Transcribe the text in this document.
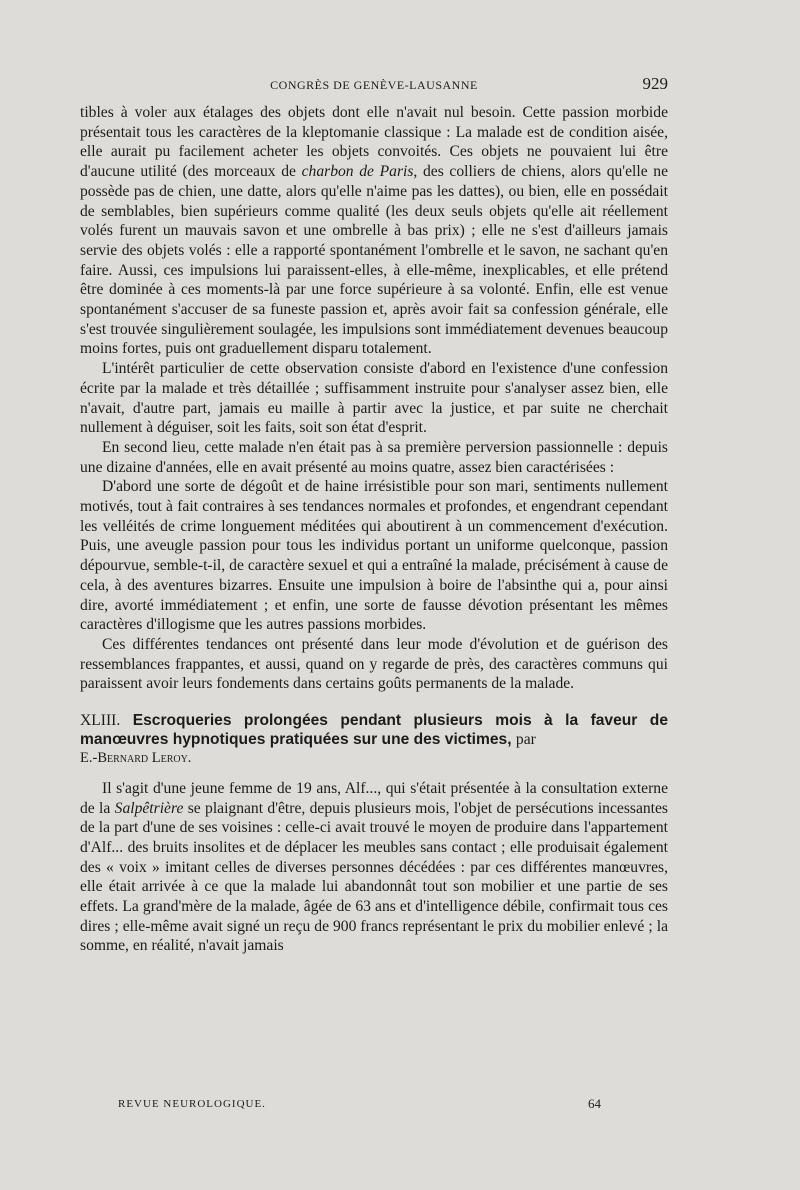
CONGRÈS DE GENÈVE-LAUSANNE	929

tibles à voler aux étalages des objets dont elle n'avait nul besoin. Cette passion morbide présentait tous les caractères de la kleptomanie classique : La malade est de condition aisée, elle aurait pu facilement acheter les objets convoités. Ces objets ne pouvaient lui être d'aucune utilité (des morceaux de charbon de Paris, des colliers de chiens, alors qu'elle ne possède pas de chien, une datte, alors qu'elle n'aime pas les dattes), ou bien, elle en possédait de semblables, bien supérieurs comme qualité (les deux seuls objets qu'elle ait réellement volés furent un mauvais savon et une ombrelle à bas prix) ; elle ne s'est d'ailleurs jamais servie des objets volés : elle a rapporté spontanément l'ombrelle et le savon, ne sachant qu'en faire. Aussi, ces impulsions lui paraissent-elles, à elle-même, inexplicables, et elle prétend être dominée à ces moments-là par une force supérieure à sa volonté. Enfin, elle est venue spontanément s'accuser de sa funeste passion et, après avoir fait sa confession générale, elle s'est trouvée singulièrement soulagée, les impulsions sont immédiatement devenues beaucoup moins fortes, puis ont graduellement disparu totalement.

L'intérêt particulier de cette observation consiste d'abord en l'existence d'une confession écrite par la malade et très détaillée ; suffisamment instruite pour s'analyser assez bien, elle n'avait, d'autre part, jamais eu maille à partir avec la justice, et par suite ne cherchait nullement à déguiser, soit les faits, soit son état d'esprit.

En second lieu, cette malade n'en était pas à sa première perversion passionnelle : depuis une dizaine d'années, elle en avait présenté au moins quatre, assez bien caractérisées :

D'abord une sorte de dégoût et de haine irrésistible pour son mari, sentiments nullement motivés, tout à fait contraires à ses tendances normales et profondes, et engendrant cependant les velléités de crime longuement méditées qui aboutirent à un commencement d'exécution. Puis, une aveugle passion pour tous les individus portant un uniforme quelconque, passion dépourvue, semble-t-il, de caractère sexuel et qui a entraîné la malade, précisément à cause de cela, à des aventures bizarres. Ensuite une impulsion à boire de l'absinthe qui a, pour ainsi dire, avorté immédiatement ; et enfin, une sorte de fausse dévotion présentant les mêmes caractères d'illogisme que les autres passions morbides.

Ces différentes tendances ont présenté dans leur mode d'évolution et de guérison des ressemblances frappantes, et aussi, quand on y regarde de près, des caractères communs qui paraissent avoir leurs fondements dans certains goûts permanents de la malade.

XLIII. Escroqueries prolongées pendant plusieurs mois à la faveur de manœuvres hypnotiques pratiquées sur une des victimes, par
E.-Bernard Leroy.

Il s'agit d'une jeune femme de 19 ans, Alf..., qui s'était présentée à la consultation externe de la Salpêtrière se plaignant d'être, depuis plusieurs mois, l'objet de persécutions incessantes de la part d'une de ses voisines : celle-ci avait trouvé le moyen de produire dans l'appartement d'Alf... des bruits insolites et de déplacer les meubles sans contact ; elle produisait également des « voix » imitant celles de diverses personnes décédées : par ces différentes manœuvres, elle était arrivée à ce que la malade lui abandonnât tout son mobilier et une partie de ses effets. La grand'mère de la malade, âgée de 63 ans et d'intelligence débile, confirmait tous ces dires ; elle-même avait signé un reçu de 900 francs représentant le prix du mobilier enlevé ; la somme, en réalité, n'avait jamais

REVUE NEUROLOGIQUE.	64
